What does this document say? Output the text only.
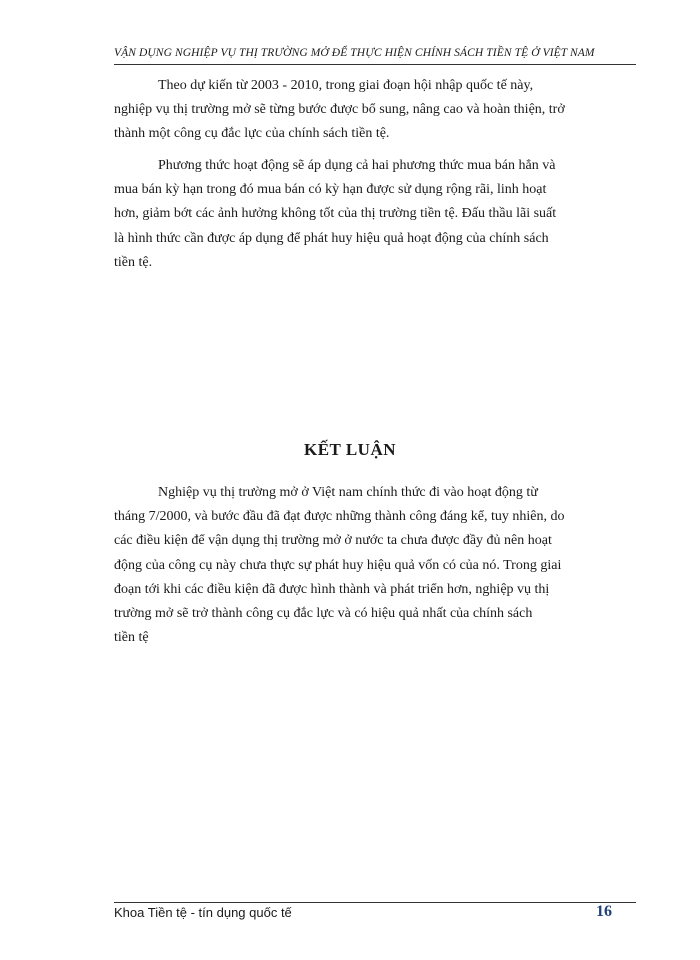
VẬN DỤNG NGHIỆP VỤ THỊ TRƯỜNG MỞ ĐỂ THỰC HIỆN CHÍNH SÁCH TIỀN TỆ Ở VIỆT NAM
Theo dự kiến từ 2003 - 2010, trong giai đoạn hội nhập quốc tế này,
nghiệp vụ thị trường mở sẽ từng bước được bổ sung, nâng cao và hoàn thiện, trở
thành một công cụ đắc lực của chính sách tiền tệ.
Phương thức hoạt động sẽ áp dụng cả hai phương thức mua bán hẳn và
mua bán kỳ hạn trong đó mua bán có kỳ hạn được sử dụng rộng rãi, linh hoạt
hơn, giảm bớt các ảnh hưởng không tốt của thị trường tiền tệ. Đấu thầu lãi suất
là hình thức cần được áp dụng để phát huy hiệu quả hoạt động của chính sách
tiền tệ.
KẾT LUẬN
Nghiệp vụ thị trường mở ở Việt nam chính thức đi vào hoạt động từ
tháng 7/2000, và bước đầu đã đạt được những thành công đáng kể, tuy nhiên, do
các điều kiện để vận dụng thị trường mở ở nước ta chưa được đầy đủ nên hoạt
động của công cụ này chưa thực sự phát huy hiệu quả vốn có của nó. Trong giai
đoạn tới khi các điều kiện đã được hình thành và phát triển hơn, nghiệp vụ thị
trường mở sẽ trở thành công cụ đắc lực và có hiệu quả nhất của chính sách
tiền tệ
Khoa Tiền tệ - tín dụng quốc tế	16
